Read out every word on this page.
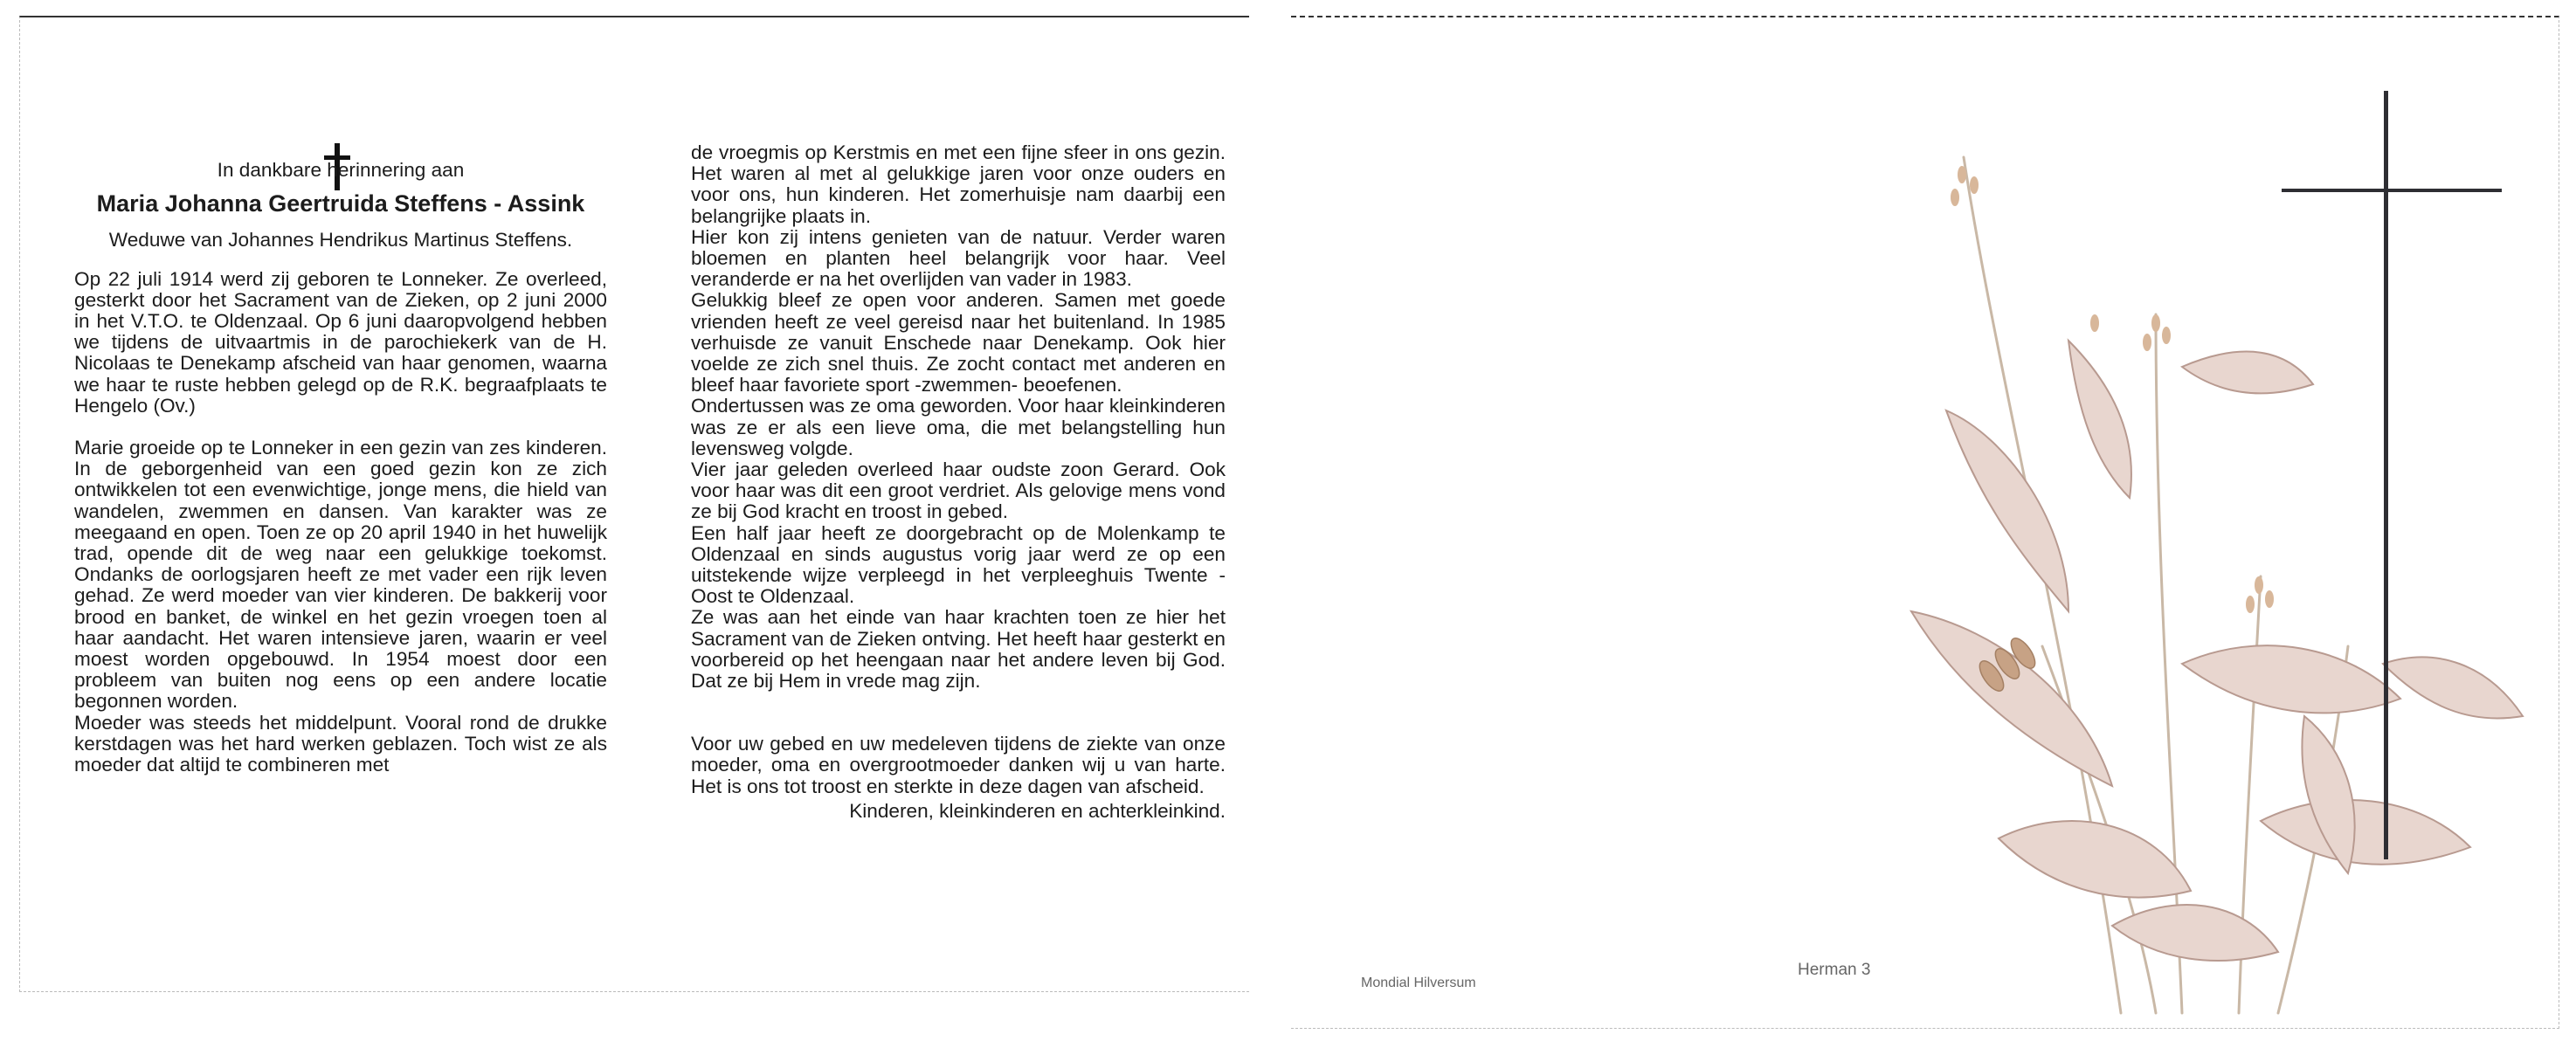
In dankbare herinnering aan

Maria Johanna Geertruida Steffens - Assink

Weduwe van Johannes Hendrikus Martinus Steffens.

Op 22 juli 1914 werd zij geboren te Lonneker. Ze overleed, gesterkt door het Sacrament van de Zieken, op 2 juni 2000 in het V.T.O. te Oldenzaal. Op 6 juni daaropvolgend hebben we tijdens de uitvaartmis in de parochiekerk van de H. Nicolaas te Denekamp afscheid van haar genomen, waarna we haar te ruste hebben gelegd op de R.K. begraafplaats te Hengelo (Ov.)

Marie groeide op te Lonneker in een gezin van zes kinderen. In de geborgenheid van een goed gezin kon ze zich ontwikkelen tot een evenwichtige, jonge mens, die hield van wandelen, zwemmen en dansen. Van karakter was ze meegaand en open. Toen ze op 20 april 1940 in het huwelijk trad, opende dit de weg naar een gelukkige toekomst. Ondanks de oorlogsjaren heeft ze met vader een rijk leven gehad. Ze werd moeder van vier kinderen. De bakkerij voor brood en banket, de winkel en het gezin vroegen toen al haar aandacht. Het waren intensieve jaren, waarin er veel moest worden opgebouwd. In 1954 moest door een probleem van buiten nog eens op een andere locatie begonnen worden.

Moeder was steeds het middelpunt. Vooral rond de drukke kerstdagen was het hard werken geblazen. Toch wist ze als moeder dat altijd te combineren met

de vroegmis op Kerstmis en met een fijne sfeer in ons gezin. Het waren al met al gelukkige jaren voor onze ouders en voor ons, hun kinderen. Het zomerhuisje nam daarbij een belangrijke plaats in.

Hier kon zij intens genieten van de natuur. Verder waren bloemen en planten heel belangrijk voor haar. Veel veranderde er na het overlijden van vader in 1983.

Gelukkig bleef ze open voor anderen. Samen met goede vrienden heeft ze veel gereisd naar het buitenland. In 1985 verhuisde ze vanuit Enschede naar Denekamp. Ook hier voelde ze zich snel thuis. Ze zocht contact met anderen en bleef haar favoriete sport -zwemmen- beoefenen.

Ondertussen was ze oma geworden. Voor haar kleinkinderen was ze er als een lieve oma, die met belangstelling hun levensweg volgde.

Vier jaar geleden overleed haar oudste zoon Gerard. Ook voor haar was dit een groot verdriet. Als gelovige mens vond ze bij God kracht en troost in gebed.

Een half jaar heeft ze doorgebracht op de Molenkamp te Oldenzaal en sinds augustus vorig jaar werd ze op een uitstekende wijze verpleegd in het verpleeghuis Twente - Oost te Oldenzaal.

Ze was aan het einde van haar krachten toen ze hier het Sacrament van de Zieken ontving. Het heeft haar gesterkt en voorbereid op het heengaan naar het andere leven bij God. Dat ze bij Hem in vrede mag zijn.

Voor uw gebed en uw medeleven tijdens de ziekte van onze moeder, oma en overgrootmoeder danken wij u van harte. Het is ons tot troost en sterkte in deze dagen van afscheid.

Kinderen, kleinkinderen en achterkleinkind.

Mondial Hilversum
Herman 3
